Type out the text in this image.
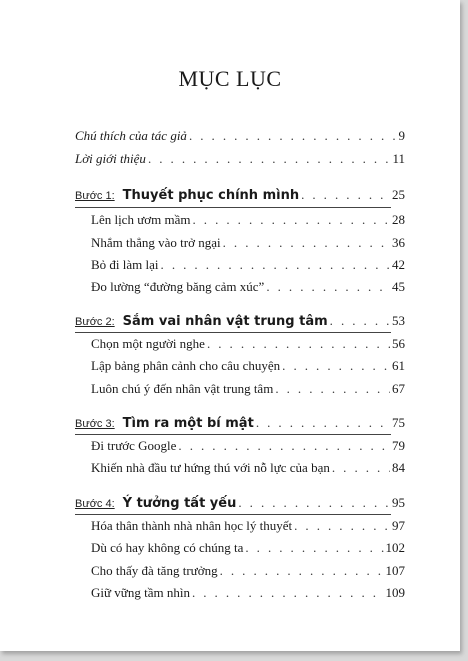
MỤC LỤC
Chú thích của tác giả . . .	9
Lời giới thiệu . . .	11
Bước 1: Thuyết phục chính mình . . .	25
Lên lịch ươm mầm . . .	28
Nhắm thẳng vào trở ngại . . .	36
Bỏ đi làm lại . . .	42
Đo lường “đường băng cảm xúc” . . .	45
Bước 2: Sắm vai nhân vật trung tâm . . .	53
Chọn một người nghe . . .	56
Lập bảng phân cảnh cho câu chuyện . . .	61
Luôn chú ý đến nhân vật trung tâm . . .	67
Bước 3: Tìm ra một bí mật . . .	75
Đi trước Google . . .	79
Khiến nhà đầu tư hứng thú với nỗ lực của bạn . . .	84
Bước 4: Ý tưởng tất yếu . . .	95
Hóa thân thành nhà nhân học lý thuyết . . .	97
Dù có hay không có chúng ta . . .	102
Cho thấy đà tăng trưởng . . .	107
Giữ vững tầm nhìn . . .	109
